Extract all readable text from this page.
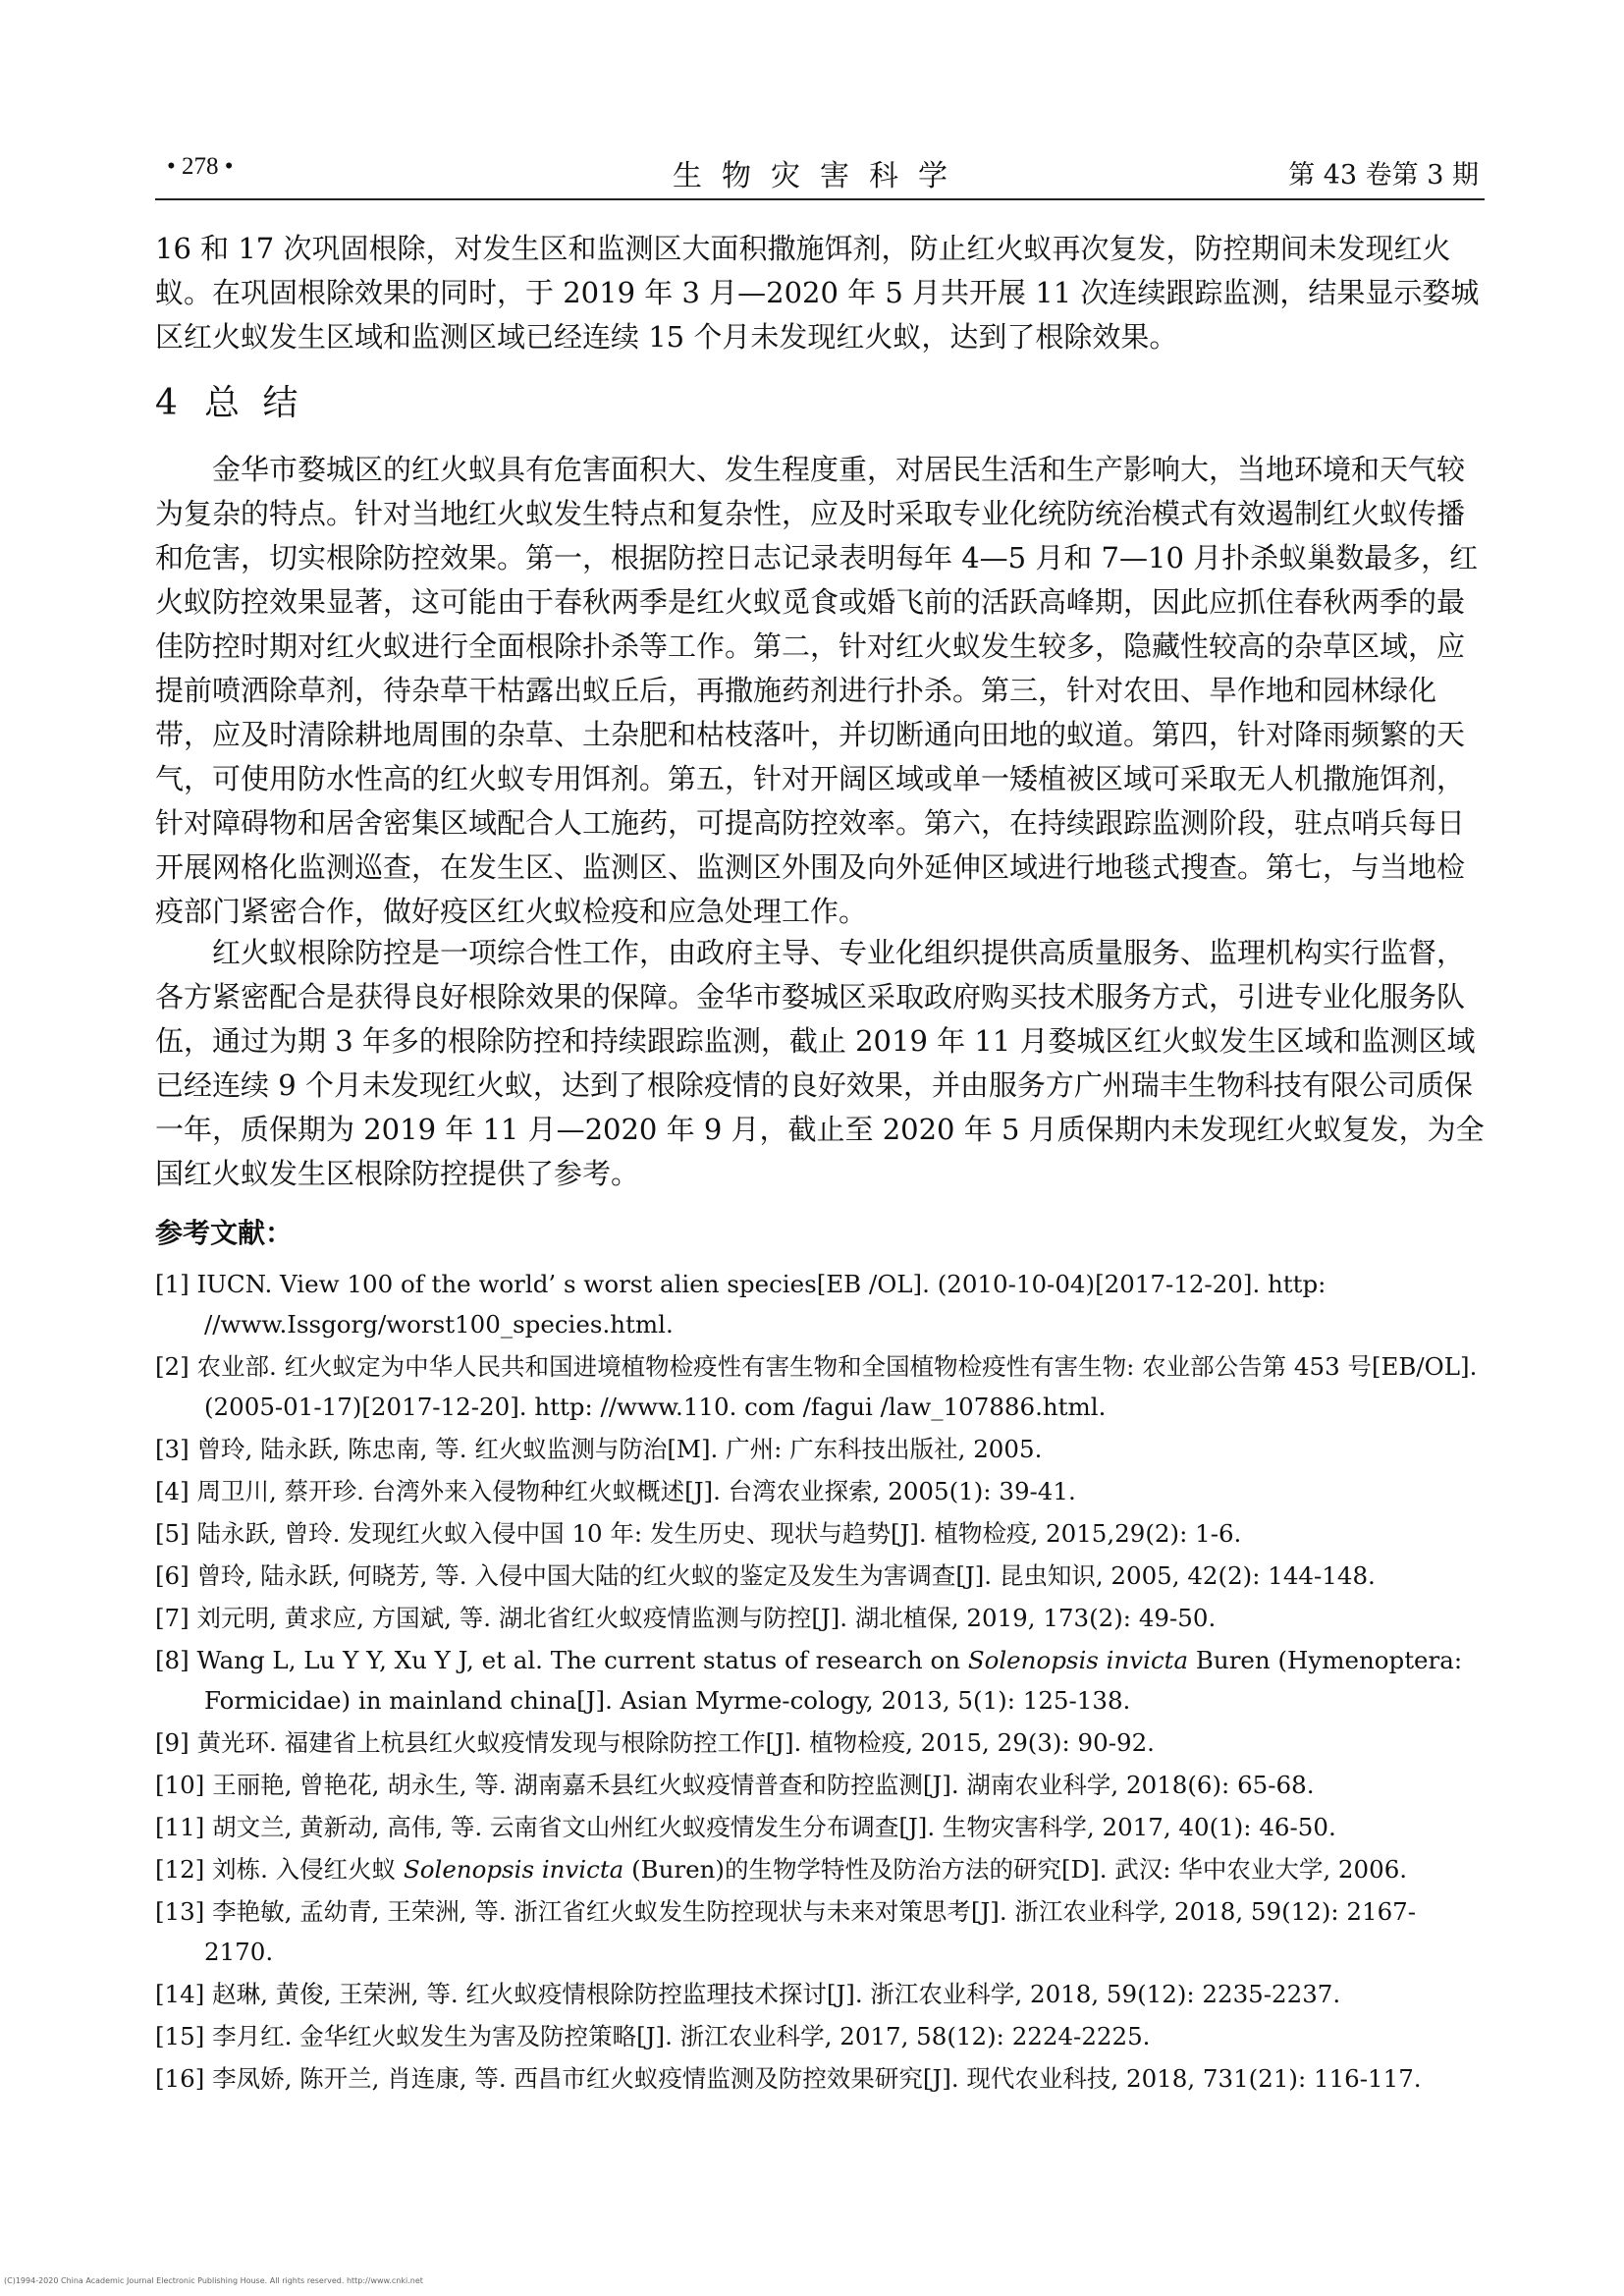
• 278 •	生物灾害科学	第 43 卷第 3 期

16 和 17 次巩固根除，对发生区和监测区大面积撒施饵剂，防止红火蚁再次复发，防控期间未发现红火蚁。在巩固根除效果的同时，于 2019 年 3 月—2020 年 5 月共开展 11 次连续跟踪监测，结果显示婺城区红火蚁发生区域和监测区域已经连续 15 个月未发现红火蚁，达到了根除效果。

4 总 结

金华市婺城区的红火蚁具有危害面积大、发生程度重，对居民生活和生产影响大，当地环境和天气较为复杂的特点。针对当地红火蚁发生特点和复杂性，应及时采取专业化统防统治模式有效遏制红火蚁传播和危害，切实根除防控效果。第一，根据防控日志记录表明每年 4—5 月和 7—10 月扑杀蚁巢数最多，红火蚁防控效果显著，这可能由于春秋两季是红火蚁觅食或婚飞前的活跃高峰期，因此应抓住春秋两季的最佳防控时期对红火蚁进行全面根除扑杀等工作。第二，针对红火蚁发生较多，隐藏性较高的杂草区域，应提前喷洒除草剂，待杂草干枯露出蚁丘后，再撒施药剂进行扑杀。第三，针对农田、旱作地和园林绿化带，应及时清除耕地周围的杂草、土杂肥和枯枝落叶，并切断通向田地的蚁道。第四，针对降雨频繁的天气，可使用防水性高的红火蚁专用饵剂。第五，针对开阔区域或单一矮植被区域可采取无人机撒施饵剂，针对障碍物和居舍密集区域配合人工施药，可提高防控效率。第六，在持续跟踪监测阶段，驻点哨兵每日开展网格化监测巡查，在发生区、监测区、监测区外围及向外延伸区域进行地毯式搜查。第七，与当地检疫部门紧密合作，做好疫区红火蚁检疫和应急处理工作。

红火蚁根除防控是一项综合性工作，由政府主导、专业化组织提供高质量服务、监理机构实行监督，各方紧密配合是获得良好根除效果的保障。金华市婺城区采取政府购买技术服务方式，引进专业化服务队伍，通过为期 3 年多的根除防控和持续跟踪监测，截止 2019 年 11 月婺城区红火蚁发生区域和监测区域已经连续 9 个月未发现红火蚁，达到了根除疫情的良好效果，并由服务方广州瑞丰生物科技有限公司质保一年，质保期为 2019 年 11 月—2020 年 9 月，截止至 2020 年 5 月质保期内未发现红火蚁复发，为全国红火蚁发生区根除防控提供了参考。

参考文献：
[1] IUCN. View 100 of the world’ s worst alien species[EB /OL]. (2010-10-04)[2017-12-20]. http: //www.Issgorg/worst100_species.html.
[2] 农业部. 红火蚁定为中华人民共和国进境植物检疫性有害生物和全国植物检疫性有害生物: 农业部公告第 453 号[EB/OL]. (2005-01-17)[2017-12-20]. http: //www.110. com /fagui /law_107886.html.
[3] 曾玲, 陆永跃, 陈忠南, 等. 红火蚁监测与防治[M]. 广州: 广东科技出版社, 2005.
[4] 周卫川, 蔡开珍. 台湾外来入侵物种红火蚁概述[J]. 台湾农业探索, 2005(1): 39-41.
[5] 陆永跃, 曾玲. 发现红火蚁入侵中国 10 年: 发生历史、现状与趋势[J]. 植物检疫, 2015,29(2): 1-6.
[6] 曾玲, 陆永跃, 何晓芳, 等. 入侵中国大陆的红火蚁的鉴定及发生为害调查[J]. 昆虫知识, 2005, 42(2): 144-148.
[7] 刘元明, 黄求应, 方国斌, 等. 湖北省红火蚁疫情监测与防控[J]. 湖北植保, 2019, 173(2): 49-50.
[8] Wang L, Lu Y Y, Xu Y J, et al. The current status of research on Solenopsis invicta Buren (Hymenoptera: Formicidae) in mainland china[J]. Asian Myrme-cology, 2013, 5(1): 125-138.
[9] 黄光环. 福建省上杭县红火蚁疫情发现与根除防控工作[J]. 植物检疫, 2015, 29(3): 90-92.
[10] 王丽艳, 曾艳花, 胡永生, 等. 湖南嘉禾县红火蚁疫情普查和防控监测[J]. 湖南农业科学, 2018(6): 65-68.
[11] 胡文兰, 黄新动, 高伟, 等. 云南省文山州红火蚁疫情发生分布调查[J]. 生物灾害科学, 2017, 40(1): 46-50.
[12] 刘栋. 入侵红火蚁 Solenopsis invicta (Buren)的生物学特性及防治方法的研究[D]. 武汉: 华中农业大学, 2006.
[13] 李艳敏, 孟幼青, 王荣洲, 等. 浙江省红火蚁发生防控现状与未来对策思考[J]. 浙江农业科学, 2018, 59(12): 2167-2170.
[14] 赵琳, 黄俊, 王荣洲, 等. 红火蚁疫情根除防控监理技术探讨[J]. 浙江农业科学, 2018, 59(12): 2235-2237.
[15] 李月红. 金华红火蚁发生为害及防控策略[J]. 浙江农业科学, 2017, 58(12): 2224-2225.
[16] 李凤娇, 陈开兰, 肖连康, 等. 西昌市红火蚁疫情监测及防控效果研究[J]. 现代农业科技, 2018, 731(21): 116-117.
(C)1994-2020 China Academic Journal Electronic Publishing House. All rights reserved. http://www.cnki.net
